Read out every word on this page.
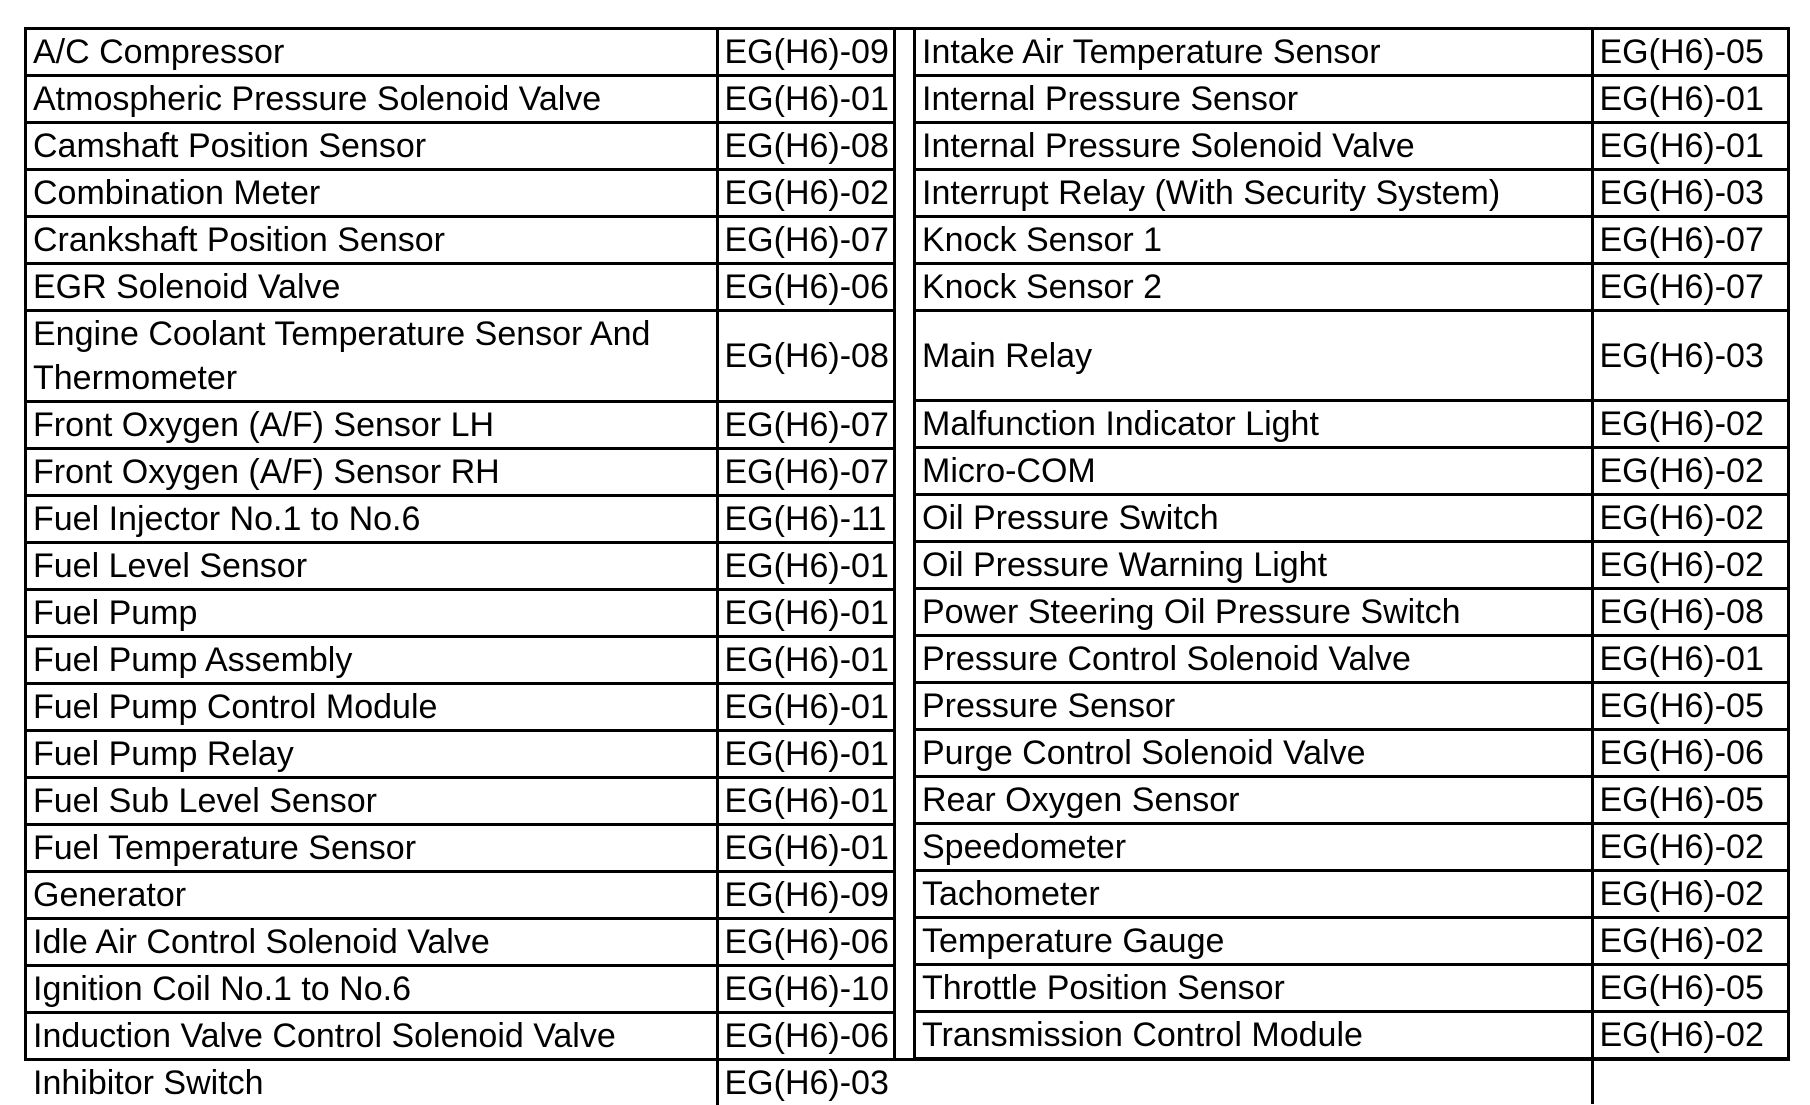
A/C Compressor	EG(H6)-09
Atmospheric Pressure Solenoid Valve	EG(H6)-01
Camshaft Position Sensor	EG(H6)-08
Combination Meter	EG(H6)-02
Crankshaft Position Sensor	EG(H6)-07
EGR Solenoid Valve	EG(H6)-06
Engine Coolant Temperature Sensor And Thermometer	EG(H6)-08
Front Oxygen (A/F) Sensor LH	EG(H6)-07
Front Oxygen (A/F) Sensor RH	EG(H6)-07
Fuel Injector No.1 to No.6	EG(H6)-11
Fuel Level Sensor	EG(H6)-01
Fuel Pump	EG(H6)-01
Fuel Pump Assembly	EG(H6)-01
Fuel Pump Control Module	EG(H6)-01
Fuel Pump Relay	EG(H6)-01
Fuel Sub Level Sensor	EG(H6)-01
Fuel Temperature Sensor	EG(H6)-01
Generator	EG(H6)-09
Idle Air Control Solenoid Valve	EG(H6)-06
Ignition Coil No.1 to No.6	EG(H6)-10
Induction Valve Control Solenoid Valve	EG(H6)-06
Inhibitor Switch	EG(H6)-03
Intake Air Temperature Sensor	EG(H6)-05
Internal Pressure Sensor	EG(H6)-01
Internal Pressure Solenoid Valve	EG(H6)-01
Interrupt Relay (With Security System)	EG(H6)-03
Knock Sensor 1	EG(H6)-07
Knock Sensor 2	EG(H6)-07
Main Relay	EG(H6)-03
Malfunction Indicator Light	EG(H6)-02
Micro-COM	EG(H6)-02
Oil Pressure Switch	EG(H6)-02
Oil Pressure Warning Light	EG(H6)-02
Power Steering Oil Pressure Switch	EG(H6)-08
Pressure Control Solenoid Valve	EG(H6)-01
Pressure Sensor	EG(H6)-05
Purge Control Solenoid Valve	EG(H6)-06
Rear Oxygen Sensor	EG(H6)-05
Speedometer	EG(H6)-02
Tachometer	EG(H6)-02
Temperature Gauge	EG(H6)-02
Throttle Position Sensor	EG(H6)-05
Transmission Control Module	EG(H6)-02
